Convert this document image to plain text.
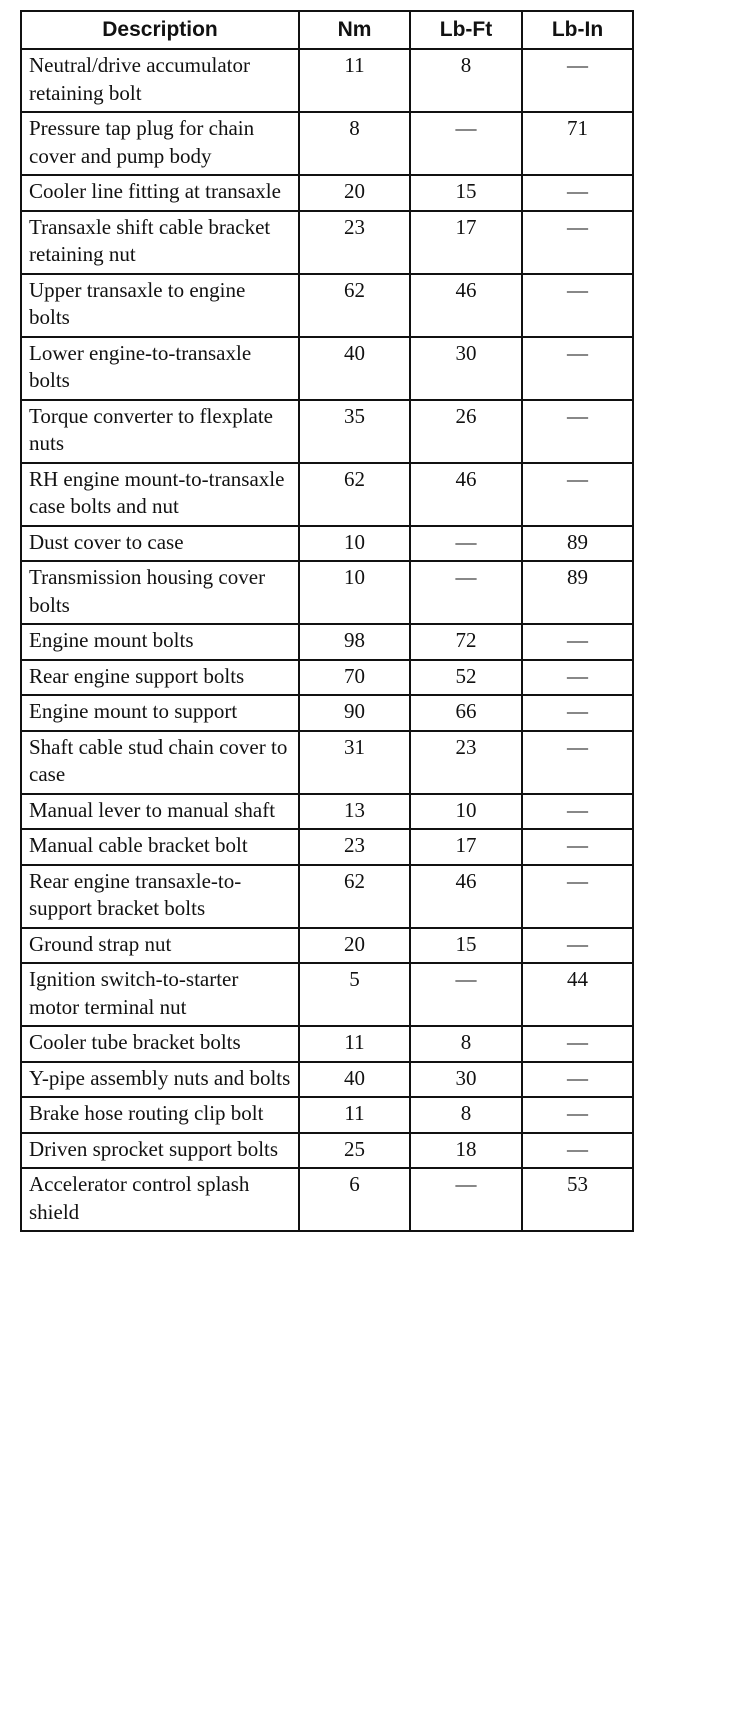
Description	Nm	Lb-Ft	Lb-In
Neutral/drive accumulator retaining bolt	11	8	—
Pressure tap plug for chain cover and pump body	8	—	71
Cooler line fitting at transaxle	20	15	—
Transaxle shift cable bracket retaining nut	23	17	—
Upper transaxle to engine bolts	62	46	—
Lower engine-to-transaxle bolts	40	30	—
Torque converter to flexplate nuts	35	26	—
RH engine mount-to-transaxle case bolts and nut	62	46	—
Dust cover to case	10	—	89
Transmission housing cover bolts	10	—	89
Engine mount bolts	98	72	—
Rear engine support bolts	70	52	—
Engine mount to support	90	66	—
Shaft cable stud chain cover to case	31	23	—
Manual lever to manual shaft	13	10	—
Manual cable bracket bolt	23	17	—
Rear engine transaxle-to-support bracket bolts	62	46	—
Ground strap nut	20	15	—
Ignition switch-to-starter motor terminal nut	5	—	44
Cooler tube bracket bolts	11	8	—
Y-pipe assembly nuts and bolts	40	30	—
Brake hose routing clip bolt	11	8	—
Driven sprocket support bolts	25	18	—
Accelerator control splash shield	6	—	53
